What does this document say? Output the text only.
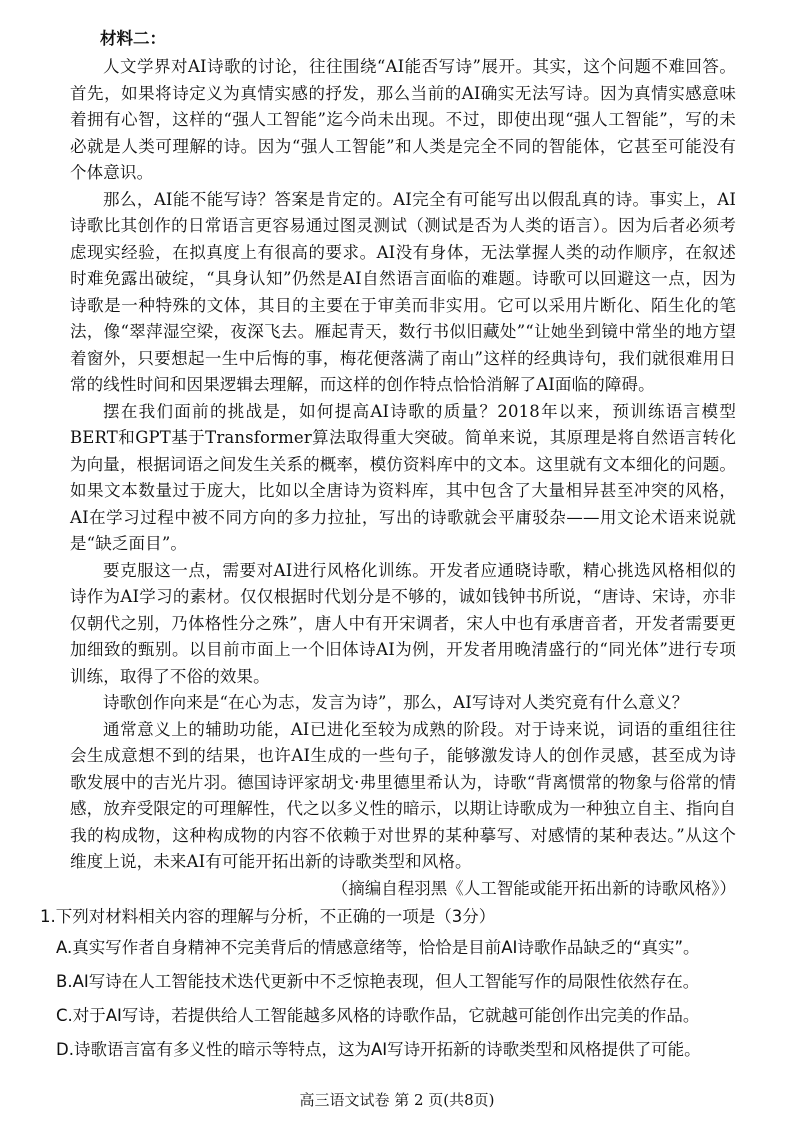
材料二：

人文学界对AI诗歌的讨论，往往围绕“AI能否写诗”展开。其实，这个问题不难回答。首先，如果将诗定义为真情实感的抒发，那么当前的AI确实无法写诗。因为真情实感意味着拥有心智，这样的“强人工智能”迄今尚未出现。不过，即使出现“强人工智能”，写的未必就是人类可理解的诗。因为“强人工智能”和人类是完全不同的智能体，它甚至可能没有个体意识。

那么，AI能不能写诗？答案是肯定的。AI完全有可能写出以假乱真的诗。事实上，AI诗歌比其创作的日常语言更容易通过图灵测试（测试是否为人类的语言）。因为后者必须考虑现实经验，在拟真度上有很高的要求。AI没有身体，无法掌握人类的动作顺序，在叙述时难免露出破绽，“具身认知”仍然是AI自然语言面临的难题。诗歌可以回避这一点，因为诗歌是一种特殊的文体，其目的主要在于审美而非实用。它可以采用片断化、陌生化的笔法，像“翠萍湿空梁，夜深飞去。雁起青天，数行书似旧藏处”“让她坐到镜中常坐的地方望着窗外，只要想起一生中后悔的事，梅花便落满了南山”这样的经典诗句，我们就很难用日常的线性时间和因果逻辑去理解，而这样的创作特点恰恰消解了AI面临的障碍。

摆在我们面前的挑战是，如何提高AI诗歌的质量？2018年以来，预训练语言模型BERT和GPT基于Transformer算法取得重大突破。简单来说，其原理是将自然语言转化为向量，根据词语之间发生关系的概率，模仿资料库中的文本。这里就有文本细化的问题。如果文本数量过于庞大，比如以全唐诗为资料库，其中包含了大量相异甚至冲突的风格，AI在学习过程中被不同方向的多力拉扯，写出的诗歌就会平庸驳杂——用文论术语来说就是“缺乏面目”。

要克服这一点，需要对AI进行风格化训练。开发者应通晓诗歌，精心挑选风格相似的诗作为AI学习的素材。仅仅根据时代划分是不够的，诚如钱钟书所说，“唐诗、宋诗，亦非仅朝代之别，乃体格性分之殊”，唐人中有开宋调者，宋人中也有承唐音者，开发者需要更加细致的甄别。以目前市面上一个旧体诗AI为例，开发者用晚清盛行的“同光体”进行专项训练，取得了不俗的效果。

诗歌创作向来是“在心为志，发言为诗”，那么，AI写诗对人类究竟有什么意义？

通常意义上的辅助功能，AI已进化至较为成熟的阶段。对于诗来说，词语的重组往往会生成意想不到的结果，也许AI生成的一些句子，能够激发诗人的创作灵感，甚至成为诗歌发展中的吉光片羽。德国诗评家胡戈·弗里德里希认为，诗歌“背离惯常的物象与俗常的情感，放弃受限定的可理解性，代之以多义性的暗示，以期让诗歌成为一种独立自主、指向自我的构成物，这种构成物的内容不依赖于对世界的某种摹写、对感情的某种表达。”从这个维度上说，未来AI有可能开拓出新的诗歌类型和风格。

（摘编自程羽黑《人工智能或能开拓出新的诗歌风格》）
1.下列对材料相关内容的理解与分析，不正确的一项是（3分）
A.真实写作者自身精神不完美背后的情感意绪等，恰恰是目前AI诗歌作品缺乏的“真实”。
B.AI写诗在人工智能技术迭代更新中不乏惊艳表现，但人工智能写作的局限性依然存在。
C.对于AI写诗，若提供给人工智能越多风格的诗歌作品，它就越可能创作出完美的作品。
D.诗歌语言富有多义性的暗示等特点，这为AI写诗开拓新的诗歌类型和风格提供了可能。
高三语文试卷 第 2 页(共8页)
